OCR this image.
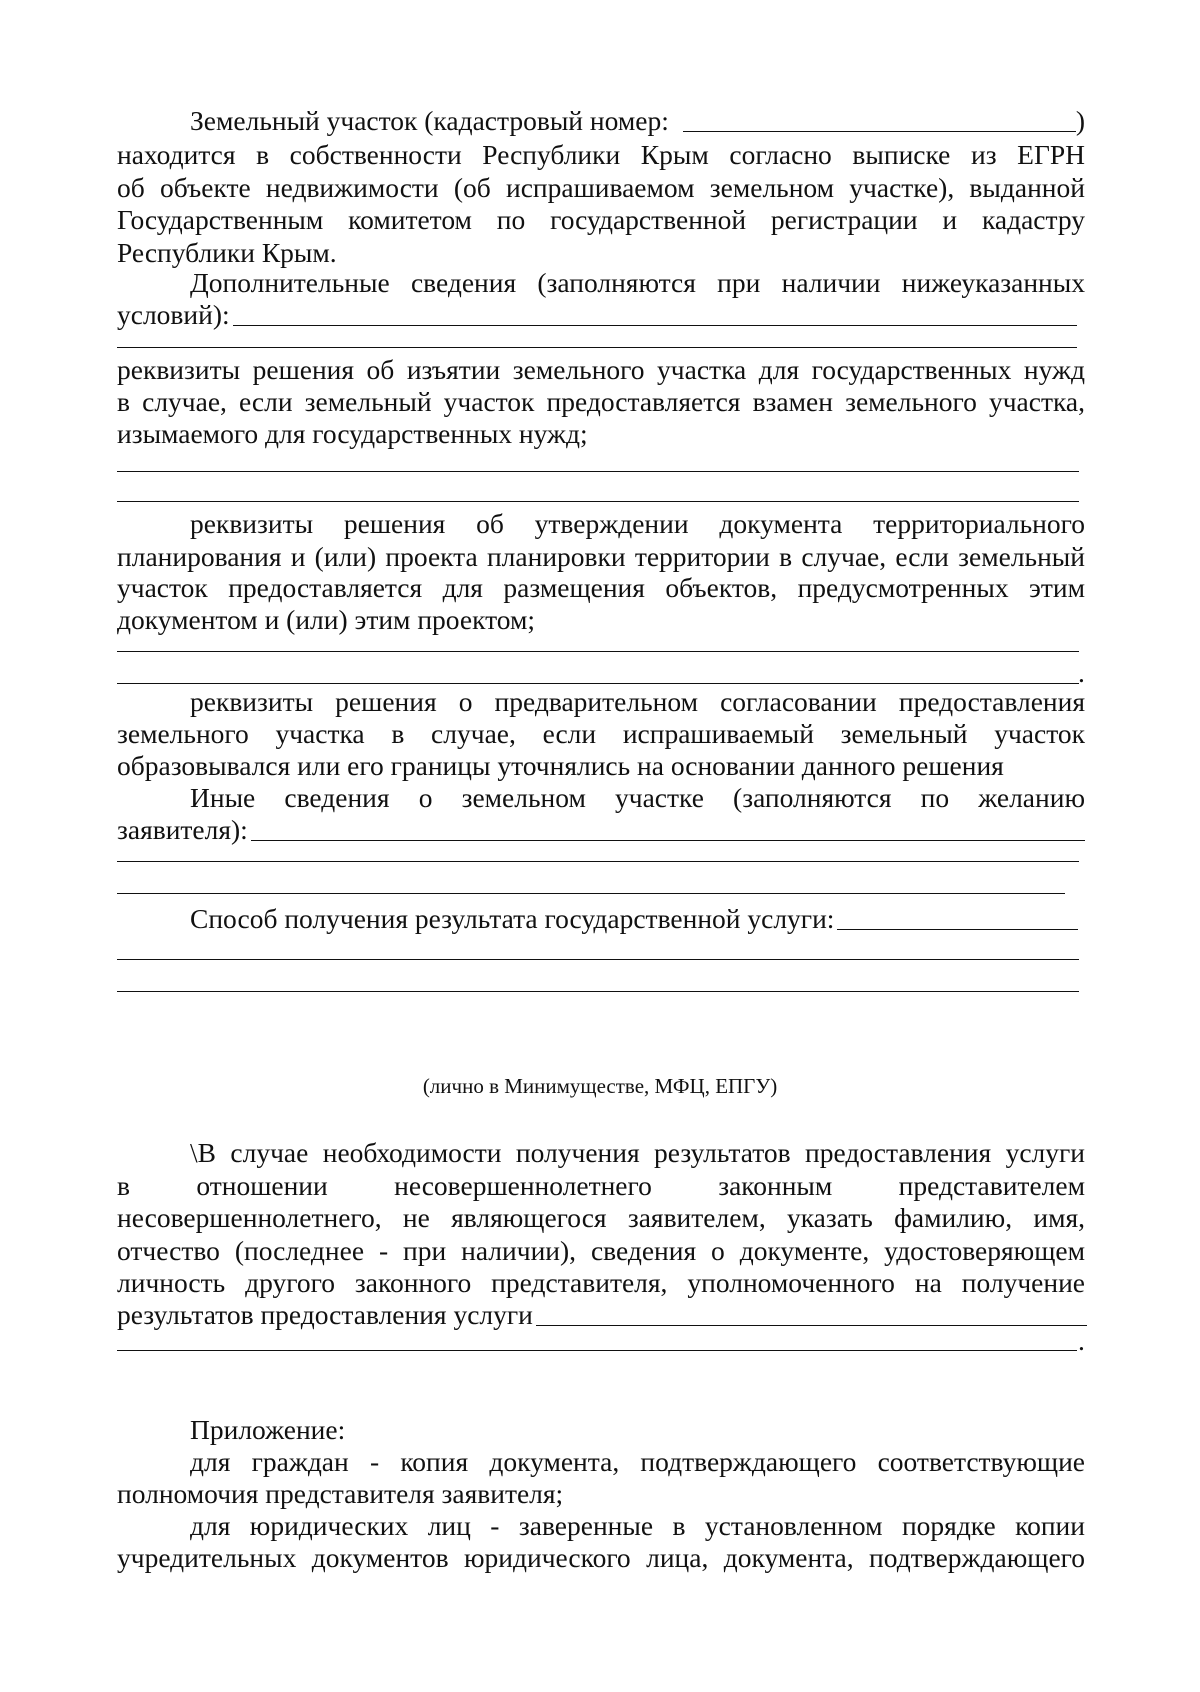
Земельный участок (кадастровый номер:	)
находится в собственности Республики Крым согласно выписке из ЕГРН
об объекте недвижимости (об испрашиваемом земельном участке), выданной
Государственным комитетом по государственной регистрации и кадастру
Республики Крым.
Дополнительные сведения (заполняются при наличии нижеуказанных
условий):
реквизиты решения об изъятии земельного участка для государственных нужд
в случае, если земельный участок предоставляется взамен земельного участка,
изымаемого для государственных нужд;
реквизиты решения об утверждении документа территориального
планирования и (или) проекта планировки территории в случае, если земельный
участок предоставляется для размещения объектов, предусмотренных этим
документом и (или) этим проектом;
.
реквизиты решения о предварительном согласовании предоставления
земельного участка в случае, если испрашиваемый земельный участок
образовывался или его границы уточнялись на основании данного решения
Иные сведения о земельном участке (заполняются по желанию
заявителя):
Способ получения результата государственной услуги:
(лично в Минимуществе, МФЦ, ЕПГУ)
\В случае необходимости получения результатов предоставления услуги
в отношении несовершеннолетнего законным представителем
несовершеннолетнего, не являющегося заявителем, указать фамилию, имя,
отчество (последнее - при наличии), сведения о документе, удостоверяющем
личность другого законного представителя, уполномоченного на получение
результатов предоставления услуги
.
Приложение:
для граждан - копия документа, подтверждающего соответствующие
полномочия представителя заявителя;
для юридических лиц - заверенные в установленном порядке копии
учредительных документов юридического лица, документа, подтверждающего
